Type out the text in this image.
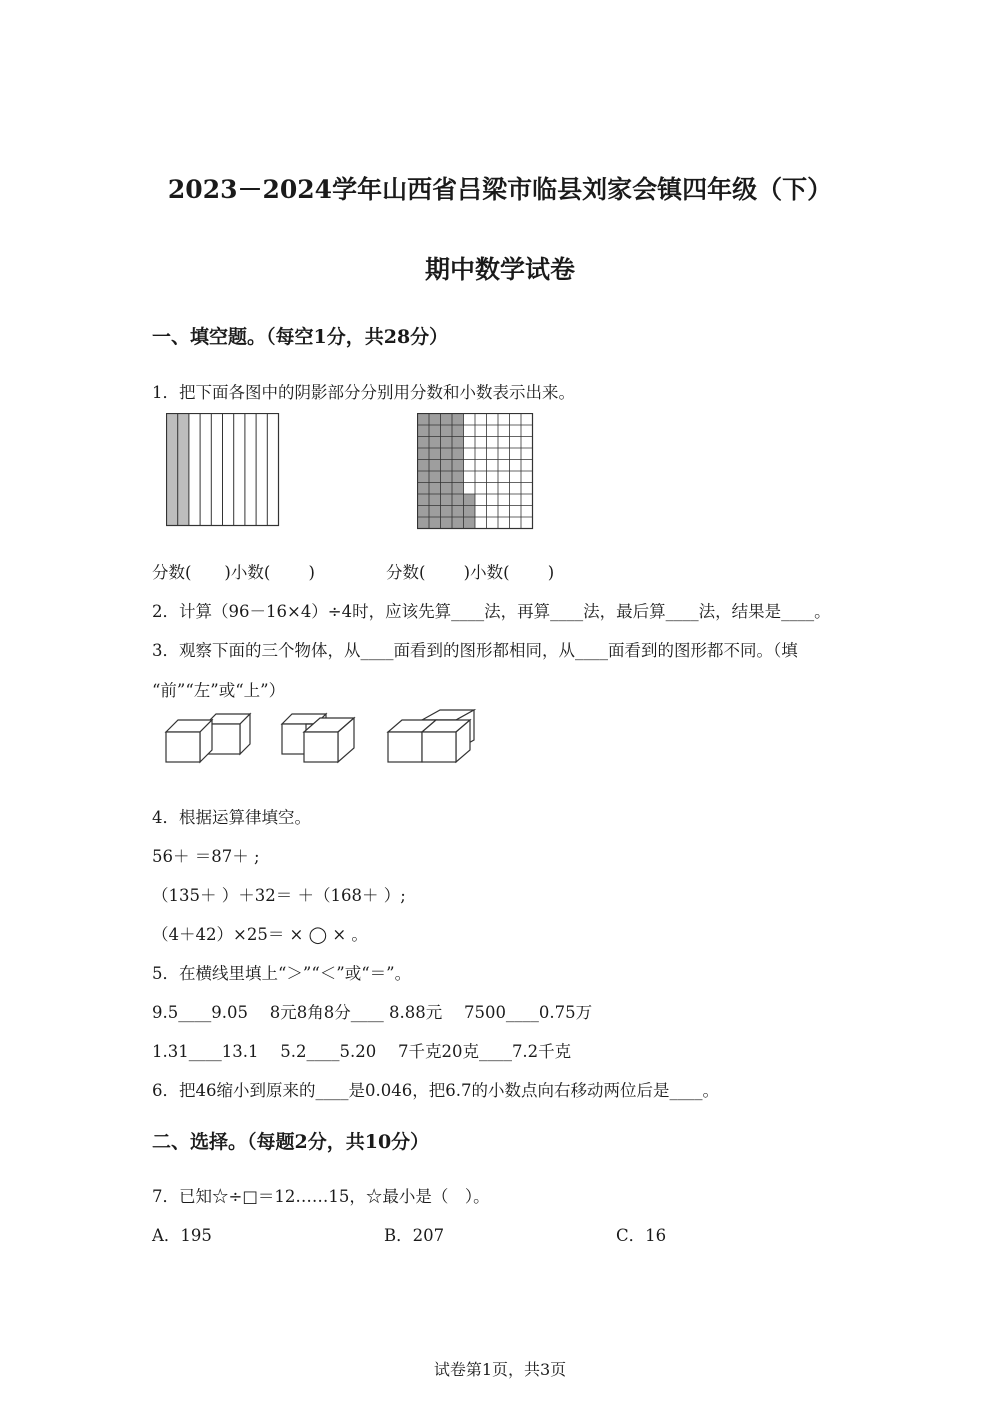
2023－2024学年山西省吕梁市临县刘家会镇四年级（下）
期中数学试卷
一、填空题。（每空1分，共28分）
1．把下面各图中的阴影部分分别用分数和小数表示出来。
分数(　　)小数(　　 )	分数(　　 )小数(　　 )
2．计算（96－16×4）÷4时，应该先算____法，再算____法，最后算____法，结果是____。
3．观察下面的三个物体，从____面看到的图形都相同，从____面看到的图形都不同。（填
“前”“左”或“上”）
4．根据运算律填空。
56＋ ＝87＋ ;
（135＋ ）＋32＝ ＋（168＋ ）;
（4＋42）×25＝ × ◯ × 。
5．在横线里填上“＞”“＜”或“＝”。
9.5____9.05　 8元8角8分____ 8.88元　 7500____0.75万
1.31____13.1　 5.2____5.20　 7千克20克____7.2千克
6．把46缩小到原来的____是0.046，把6.7的小数点向右移动两位后是____。
二、选择。（每题2分，共10分）
7．已知☆÷□＝12……15，☆最小是（　）。
A．195	B．207	C．16
试卷第1页，共3页
